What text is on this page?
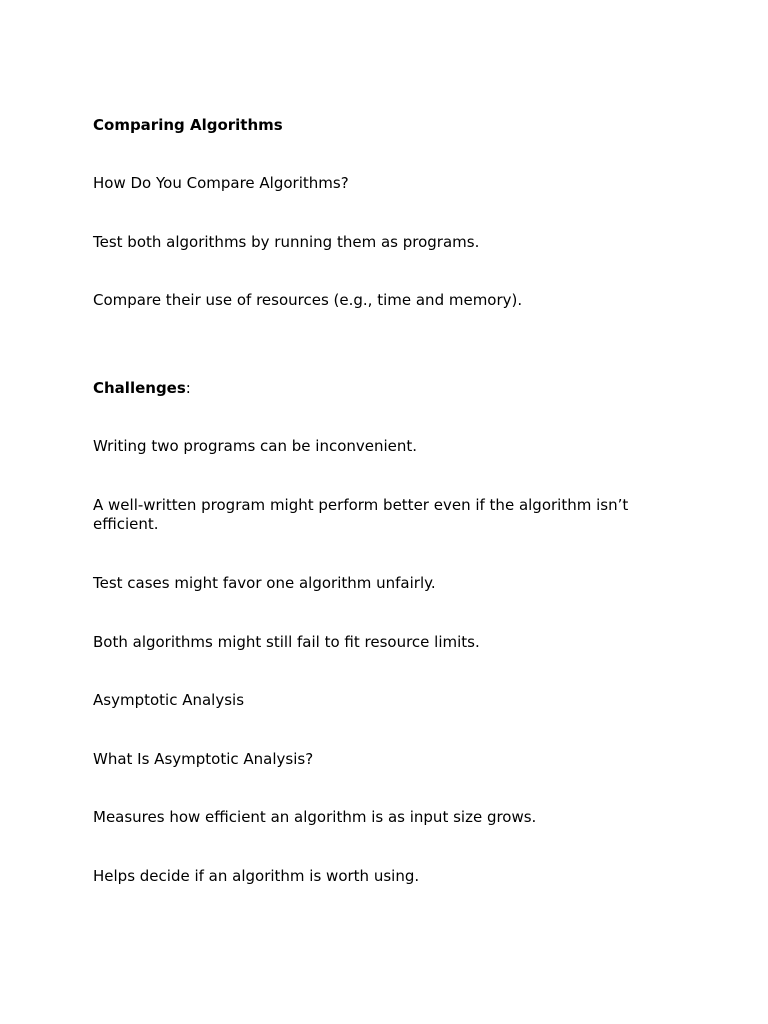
Comparing Algorithms
How Do You Compare Algorithms?
Test both algorithms by running them as programs.
Compare their use of resources (e.g., time and memory).
Challenges:
Writing two programs can be inconvenient.
A well-written program might perform better even if the algorithm isn’t efficient.
Test cases might favor one algorithm unfairly.
Both algorithms might still fail to fit resource limits.
Asymptotic Analysis
What Is Asymptotic Analysis?
Measures how efficient an algorithm is as input size grows.
Helps decide if an algorithm is worth using.
